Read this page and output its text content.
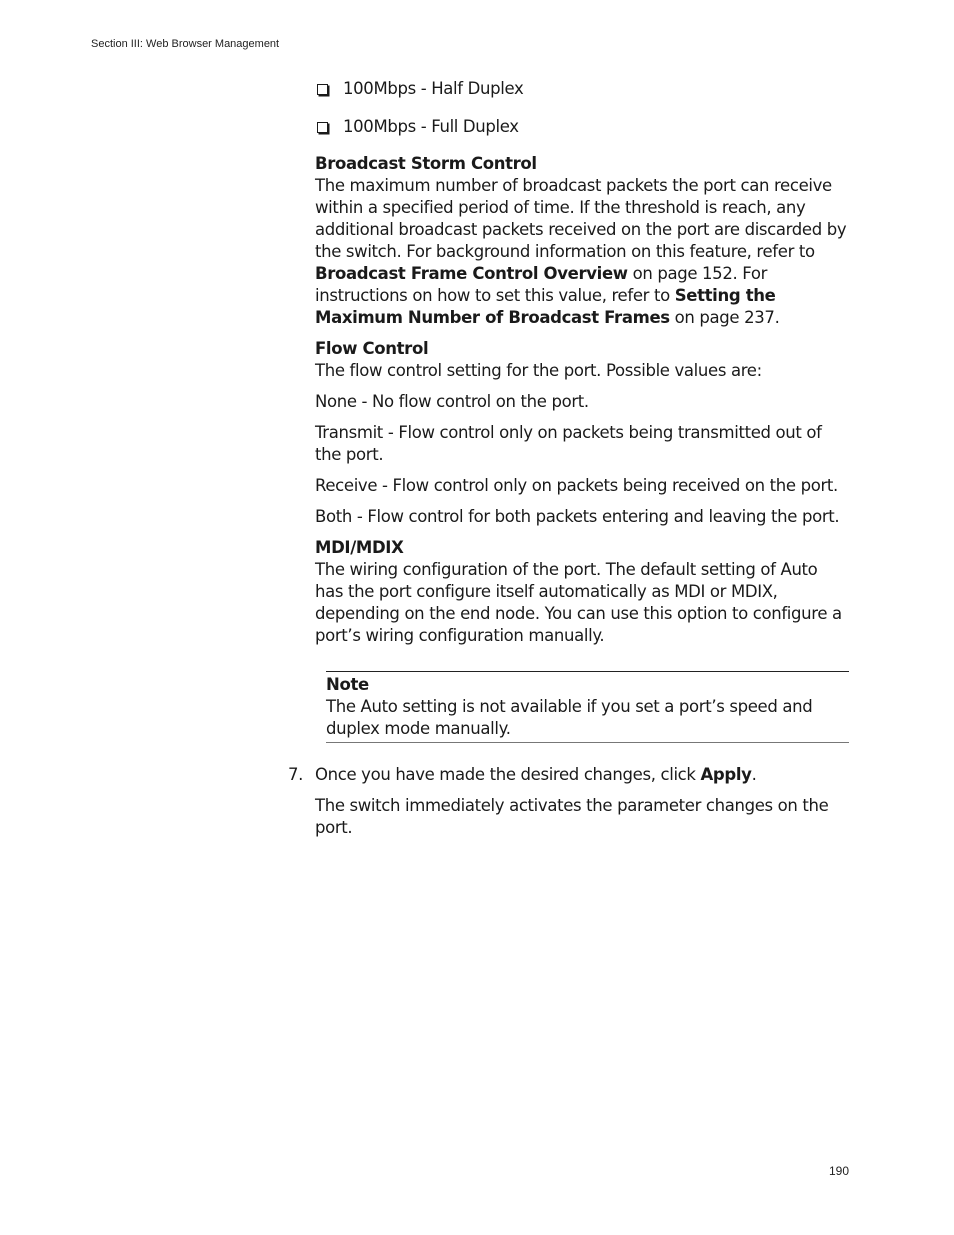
Section III: Web Browser Management
100Mbps - Half Duplex
100Mbps - Full Duplex

Broadcast Storm Control

The maximum number of broadcast packets the port can receive within a specified period of time. If the threshold is reach, any additional broadcast packets received on the port are discarded by the switch. For background information on this feature, refer to Broadcast Frame Control Overview on page 152. For instructions on how to set this value, refer to Setting the Maximum Number of Broadcast Frames on page 237.

Flow Control

The flow control setting for the port. Possible values are:

None - No flow control on the port.

Transmit - Flow control only on packets being transmitted out of the port.

Receive - Flow control only on packets being received on the port.

Both - Flow control for both packets entering and leaving the port.

MDI/MDIX

The wiring configuration of the port. The default setting of Auto has the port configure itself automatically as MDI or MDIX, depending on the end node. You can use this option to configure a port’s wiring configuration manually.

Note

The Auto setting is not available if you set a port’s speed and duplex mode manually.

7. Once you have made the desired changes, click Apply.

The switch immediately activates the parameter changes on the port.

190
